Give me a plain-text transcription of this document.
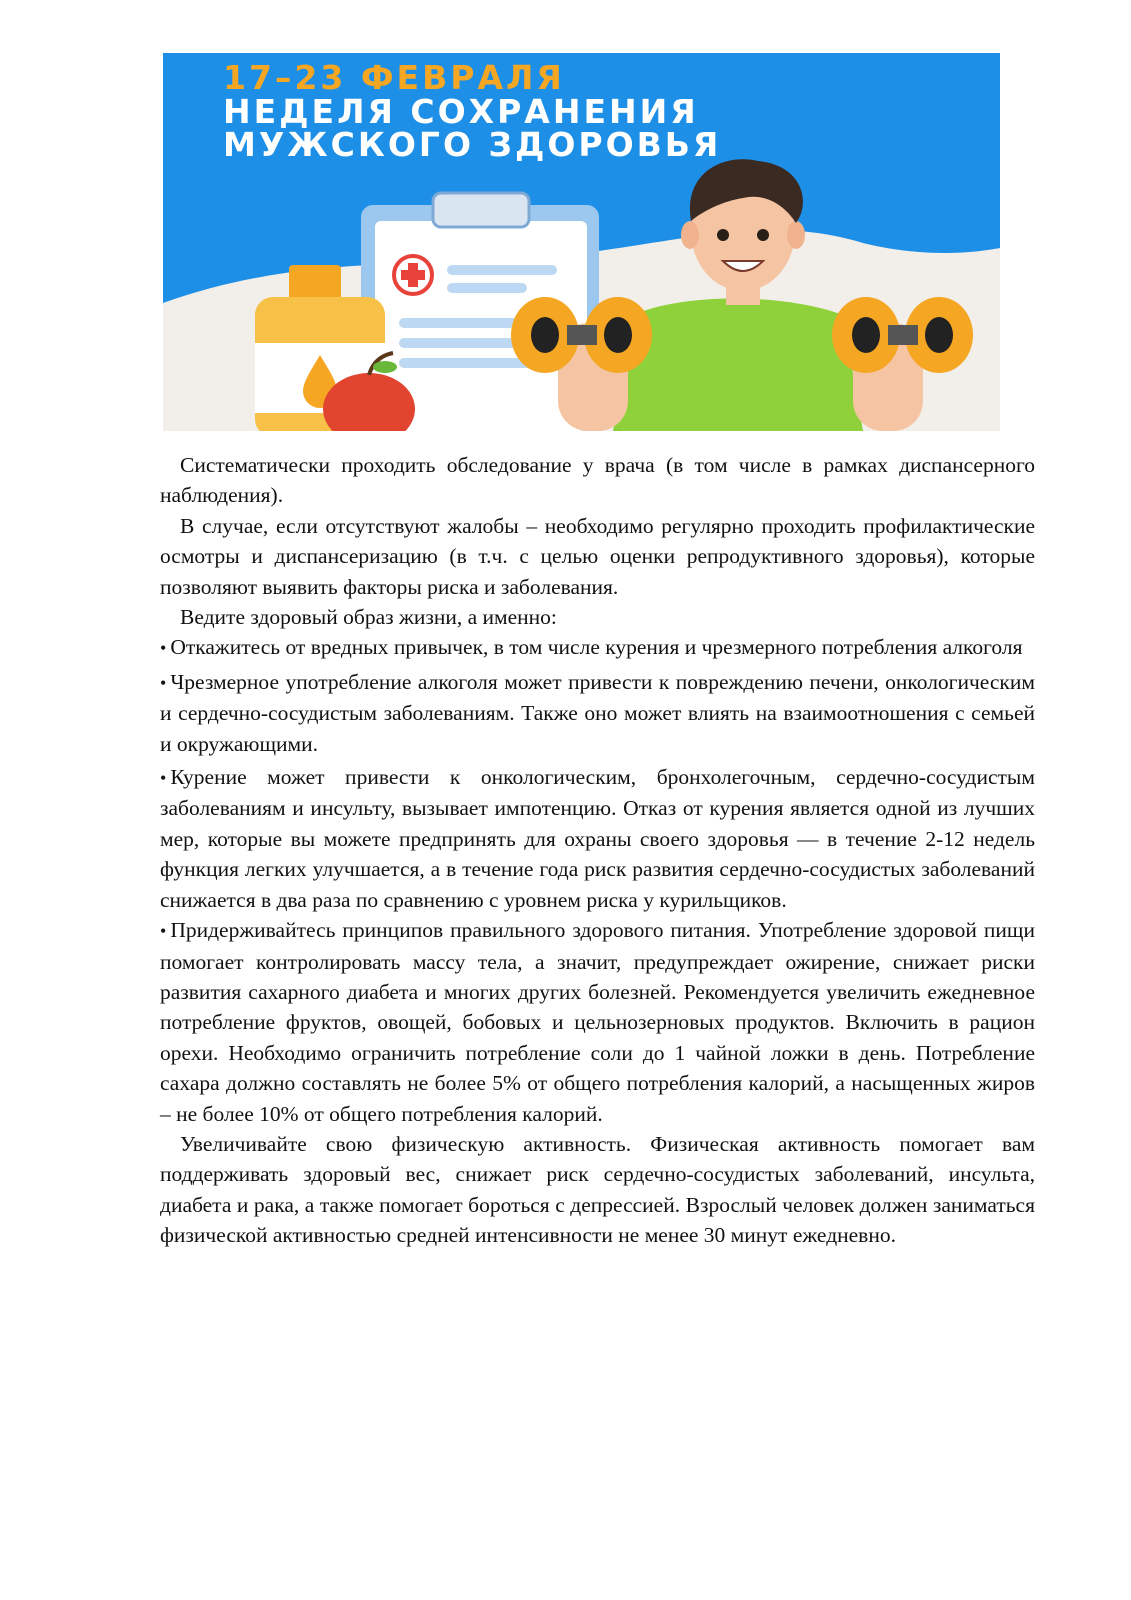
17–23 ФЕВРАЛЯ
НЕДЕЛЯ СОХРАНЕНИЯ
МУЖСКОГО ЗДОРОВЬЯ

Систематически проходить обследование у врача (в том числе в рамках диспансерного наблюдения).

В случае, если отсутствуют жалобы – необходимо регулярно проходить профилактические осмотры и диспансеризацию (в т.ч. с целью оценки репродуктивного здоровья), которые позволяют выявить факторы риска и заболевания.

Ведите здоровый образ жизни, а именно:

• Откажитесь от вредных привычек, в том числе курения и чрезмерного потребления алкоголя

• Чрезмерное употребление алкоголя может привести к повреждению печени, онкологическим и сердечно-сосудистым заболеваниям. Также оно может влиять на взаимоотношения с семьей и окружающими.

• Курение может привести к онкологическим, бронхолегочным, сердечно-сосудистым заболеваниям и инсульту, вызывает импотенцию. Отказ от курения является одной из лучших мер, которые вы можете предпринять для охраны своего здоровья — в течение 2-12 недель функция легких улучшается, а в течение года риск развития сердечно-сосудистых заболеваний снижается в два раза по сравнению с уровнем риска у курильщиков.

• Придерживайтесь принципов правильного здорового питания. Употребление здоровой пищи помогает контролировать массу тела, а значит, предупреждает ожирение, снижает риски развития сахарного диабета и многих других болезней. Рекомендуется увеличить ежедневное потребление фруктов, овощей, бобовых и цельнозерновых продуктов. Включить в рацион орехи. Необходимо ограничить потребление соли до 1 чайной ложки в день. Потребление сахара должно составлять не более 5% от общего потребления калорий, а насыщенных жиров – не более 10% от общего потребления калорий.

Увеличивайте свою физическую активность. Физическая активность помогает вам поддерживать здоровый вес, снижает риск сердечно-сосудистых заболеваний, инсульта, диабета и рака, а также помогает бороться с депрессией. Взрослый человек должен заниматься физической активностью средней интенсивности не менее 30 минут ежедневно.
